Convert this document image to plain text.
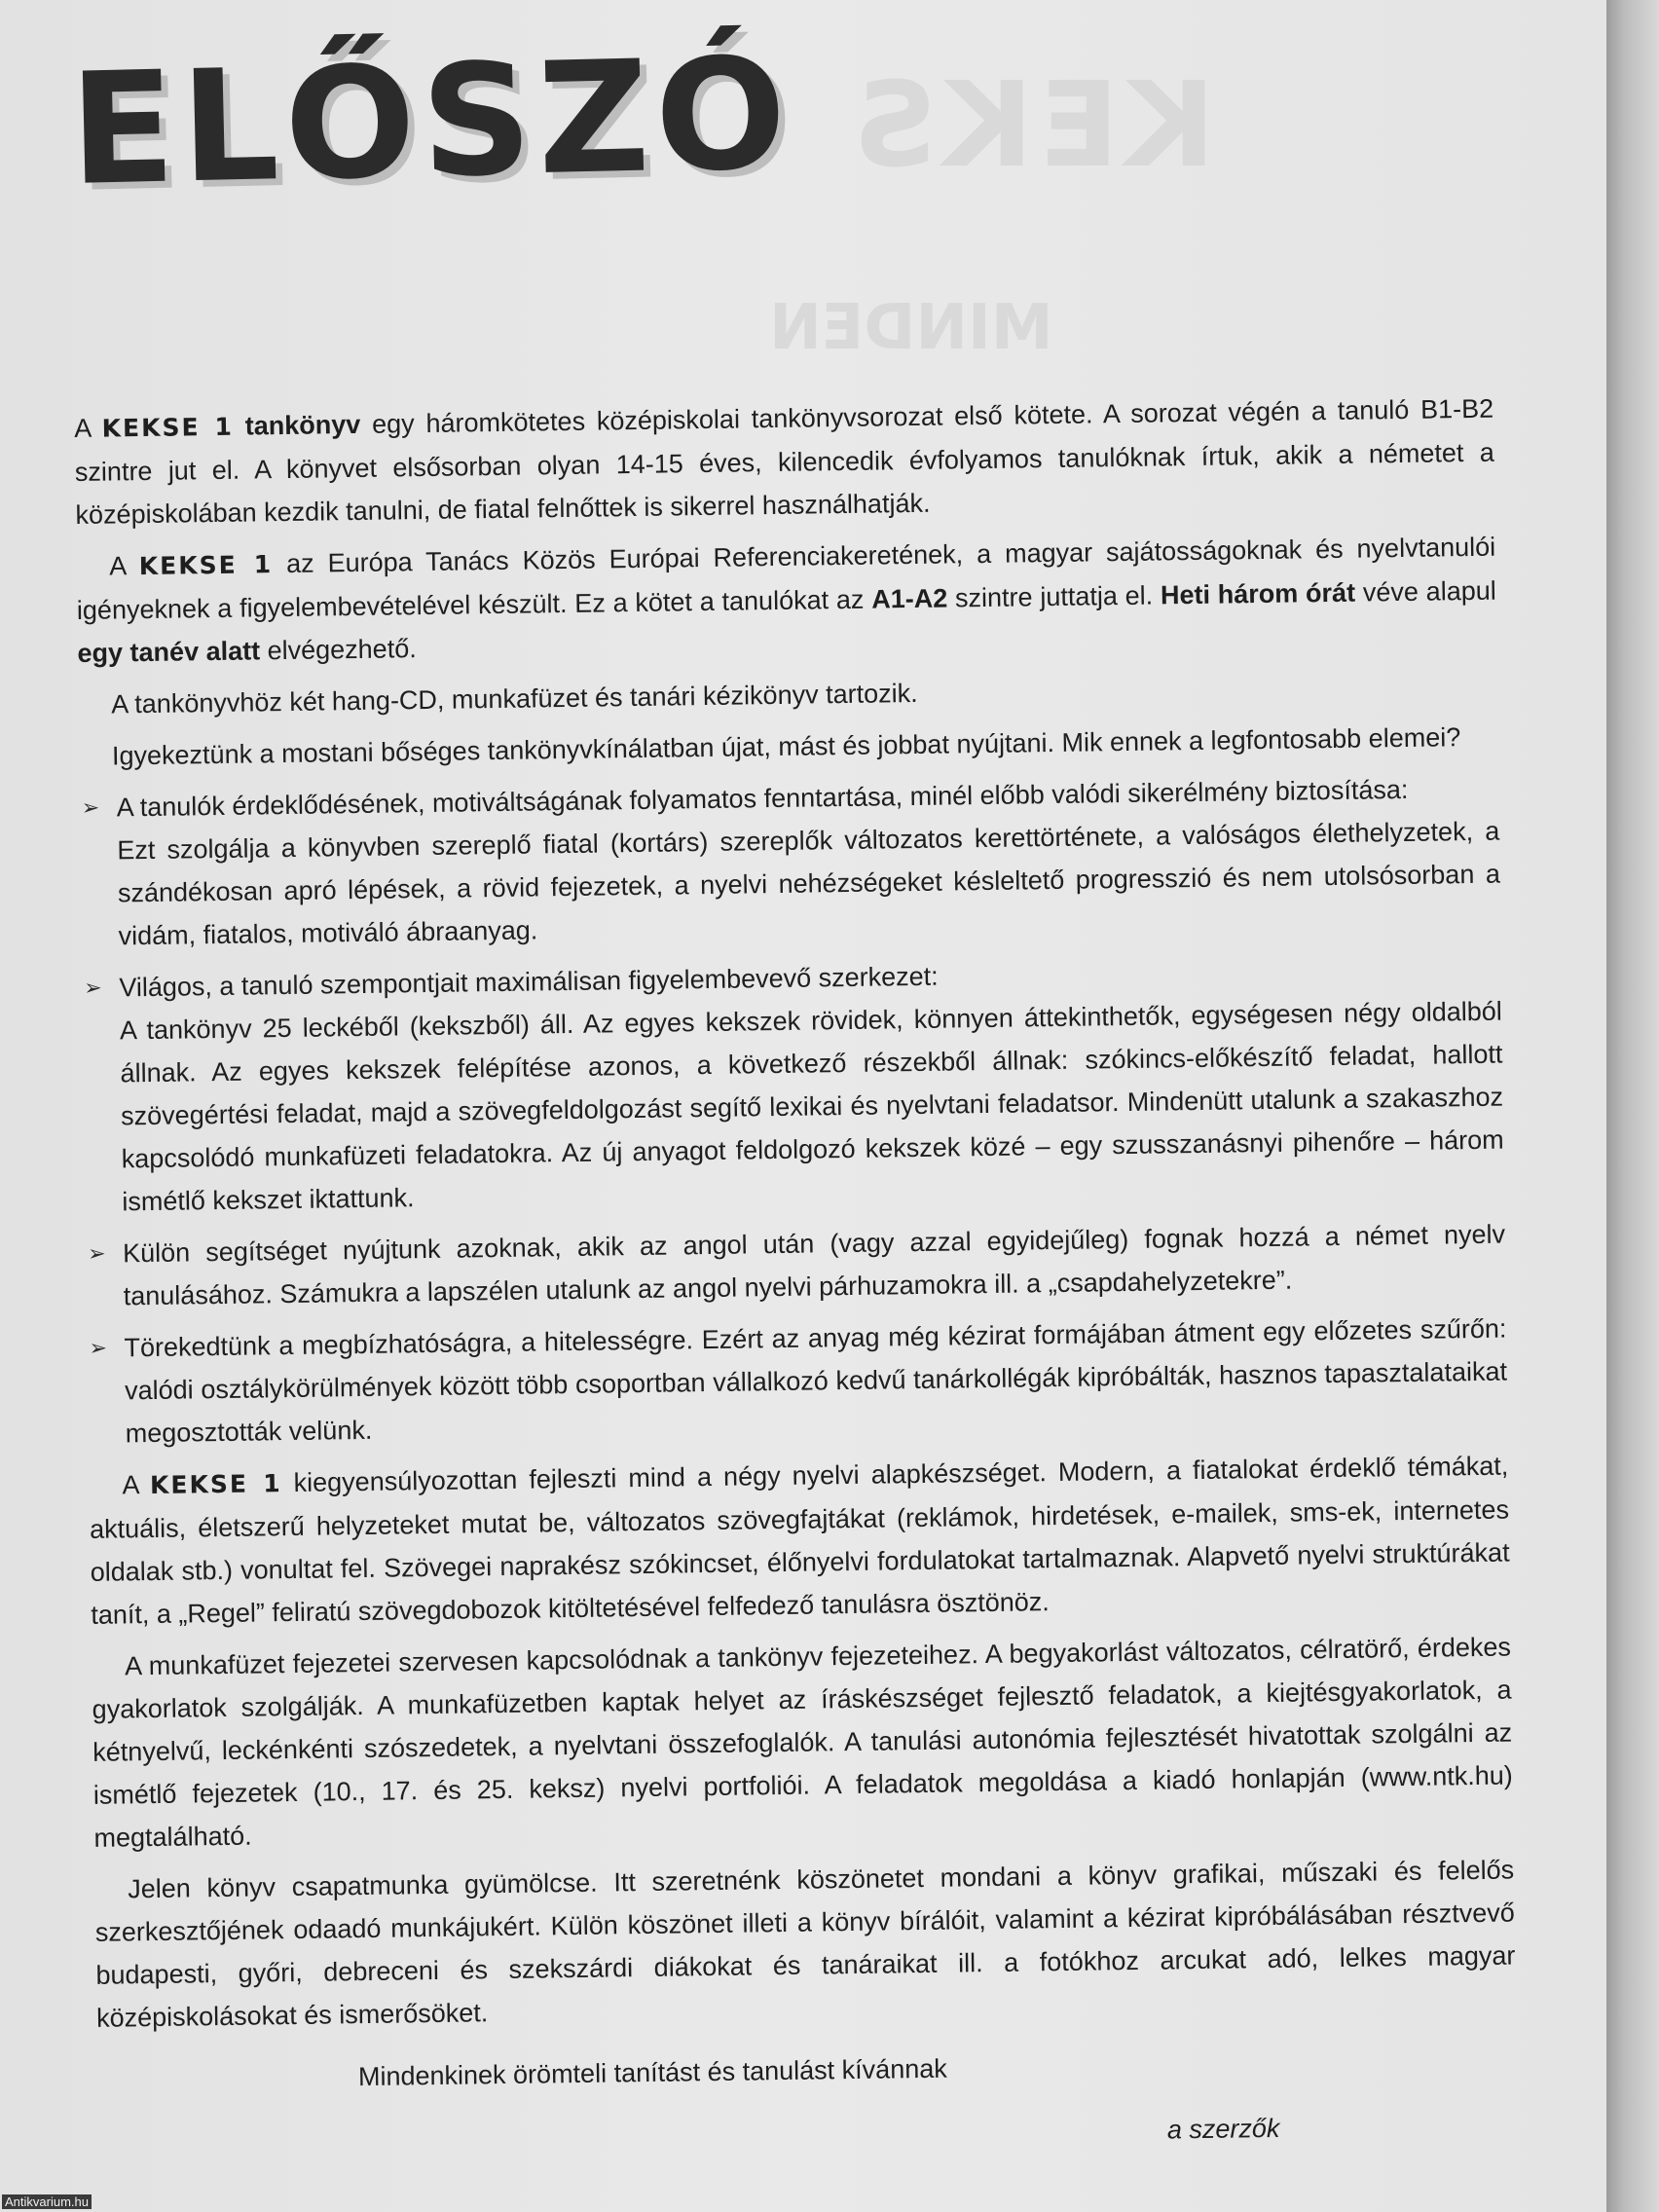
KEKS
MINDEN
ELŐSZÓ

A KEKSE 1 tankönyv egy háromkötetes középiskolai tankönyvsorozat első kötete. A sorozat végén a tanuló B1-B2 szintre jut el. A könyvet elsősorban olyan 14-15 éves, kilencedik évfolyamos tanulóknak írtuk, akik a németet a középiskolában kezdik tanulni, de fiatal felnőttek is sikerrel használhatják.

A KEKSE 1 az Európa Tanács Közös Európai Referenciakeretének, a magyar sajátosságoknak és nyelvtanulói igényeknek a figyelembevételével készült. Ez a kötet a tanulókat az A1-A2 szintre juttatja el. Heti három órát véve alapul egy tanév alatt elvégezhető.

A tankönyvhöz két hang-CD, munkafüzet és tanári kézikönyv tartozik.

Igyekeztünk a mostani bőséges tankönyvkínálatban újat, mást és jobbat nyújtani. Mik ennek a legfontosabb elemei?

➢ A tanulók érdeklődésének, motiváltságának folyamatos fenntartása, minél előbb valódi sikerélmény biztosítása:
Ezt szolgálja a könyvben szereplő fiatal (kortárs) szereplők változatos kerettörténete, a valóságos élethelyzetek, a szándékosan apró lépések, a rövid fejezetek, a nyelvi nehézségeket késleltető progresszió és nem utolsósorban a vidám, fiatalos, motiváló ábraanyag.
➢ Világos, a tanuló szempontjait maximálisan figyelembevevő szerkezet:
A tankönyv 25 leckéből (kekszből) áll. Az egyes kekszek rövidek, könnyen áttekinthetők, egységesen négy oldalból állnak. Az egyes kekszek felépítése azonos, a következő részekből állnak: szókincs-előkészítő feladat, hallott szövegértési feladat, majd a szövegfeldolgozást segítő lexikai és nyelvtani feladatsor. Mindenütt utalunk a szakaszhoz kapcsolódó munkafüzeti feladatokra. Az új anyagot feldolgozó kekszek közé – egy szusszanásnyi pihenőre – három ismétlő kekszet iktattunk.
➢ Külön segítséget nyújtunk azoknak, akik az angol után (vagy azzal egyidejűleg) fognak hozzá a német nyelv tanulásához. Számukra a lapszélen utalunk az angol nyelvi párhuzamokra ill. a „csapdahelyzetekre”.
➢ Törekedtünk a megbízhatóságra, a hitelességre. Ezért az anyag még kézirat formájában átment egy előzetes szűrőn: valódi osztálykörülmények között több csoportban vállalkozó kedvű tanárkollégák kipróbálták, hasznos tapasztalataikat megosztották velünk.

A KEKSE 1 kiegyensúlyozottan fejleszti mind a négy nyelvi alapkészséget. Modern, a fiatalokat érdeklő témákat, aktuális, életszerű helyzeteket mutat be, változatos szövegfajtákat (reklámok, hirdetések, e-mailek, sms-ek, internetes oldalak stb.) vonultat fel. Szövegei naprakész szókincset, élőnyelvi fordulatokat tartalmaznak. Alapvető nyelvi struktúrákat tanít, a „Regel” feliratú szövegdobozok kitöltetésével felfedező tanulásra ösztönöz.

A munkafüzet fejezetei szervesen kapcsolódnak a tankönyv fejezeteihez. A begyakorlást változatos, célratörő, érdekes gyakorlatok szolgálják. A munkafüzetben kaptak helyet az íráskészséget fejlesztő feladatok, a kiejtésgyakorlatok, a kétnyelvű, leckénkénti szószedetek, a nyelvtani összefoglalók. A tanulási autonómia fejlesztését hivatottak szolgálni az ismétlő fejezetek (10., 17. és 25. keksz) nyelvi portfoliói. A feladatok megoldása a kiadó honlapján (www.ntk.hu) megtalálható.

Jelen könyv csapatmunka gyümölcse. Itt szeretnénk köszönetet mondani a könyv grafikai, műszaki és felelős szerkesztőjének odaadó munkájukért. Külön köszönet illeti a könyv bírálóit, valamint a kézirat kipróbálásában résztvevő budapesti, győri, debreceni és szekszárdi diákokat és tanáraikat ill. a fotókhoz arcukat adó, lelkes magyar középiskolásokat és ismerősöket.

Mindenkinek örömteli tanítást és tanulást kívánnak
a szerzők
Antikvarium.hu
